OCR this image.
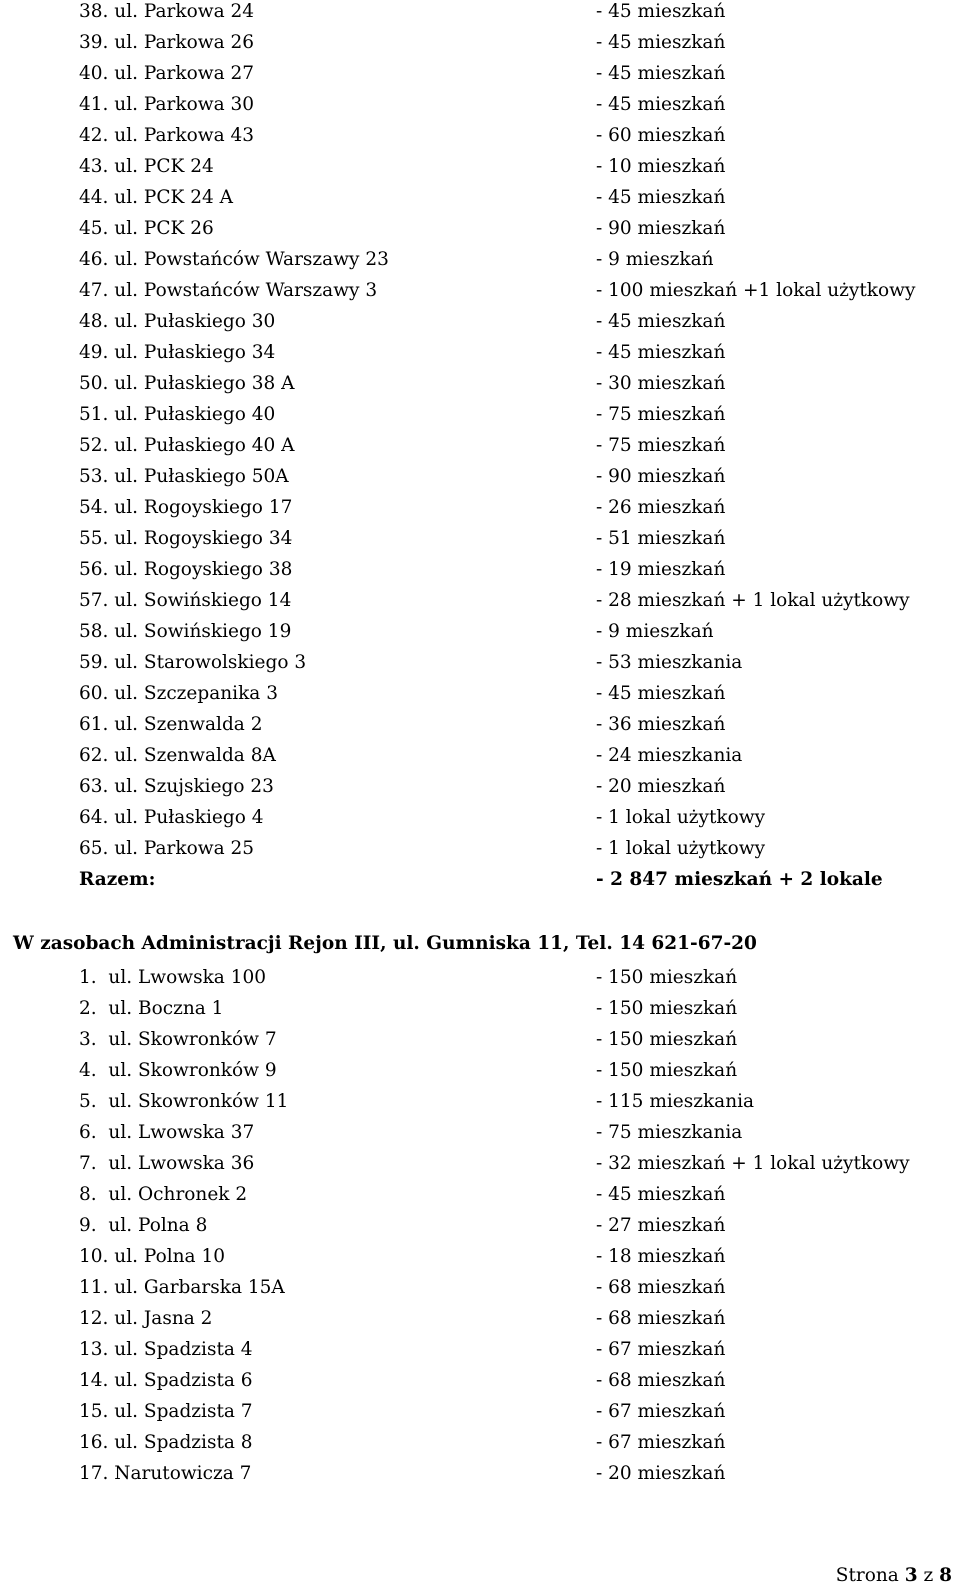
38. ul. Parkowa 24	- 45 mieszkań
39. ul. Parkowa 26	- 45 mieszkań
40. ul. Parkowa 27	- 45 mieszkań
41. ul. Parkowa 30	- 45 mieszkań
42. ul. Parkowa 43	- 60 mieszkań
43. ul. PCK 24	- 10 mieszkań
44. ul. PCK 24 A	- 45 mieszkań
45. ul. PCK 26	- 90 mieszkań
46. ul. Powstańców Warszawy 23	- 9 mieszkań
47. ul. Powstańców Warszawy 3	- 100 mieszkań +1 lokal użytkowy
48. ul. Pułaskiego 30	- 45 mieszkań
49. ul. Pułaskiego 34	- 45 mieszkań
50. ul. Pułaskiego 38 A	- 30 mieszkań
51. ul. Pułaskiego 40	- 75 mieszkań
52. ul. Pułaskiego 40 A	- 75 mieszkań
53. ul. Pułaskiego 50A	- 90 mieszkań
54. ul. Rogoyskiego 17	- 26 mieszkań
55. ul. Rogoyskiego 34	- 51 mieszkań
56. ul. Rogoyskiego 38	- 19 mieszkań
57. ul. Sowińskiego 14	- 28 mieszkań + 1 lokal użytkowy
58. ul. Sowińskiego 19	- 9 mieszkań
59. ul. Starowolskiego 3	- 53 mieszkania
60. ul. Szczepanika 3	- 45 mieszkań
61. ul. Szenwalda 2	- 36 mieszkań
62. ul. Szenwalda 8A	- 24 mieszkania
63. ul. Szujskiego 23	- 20 mieszkań
64. ul. Pułaskiego 4	- 1 lokal użytkowy
65. ul. Parkowa 25	- 1 lokal użytkowy
Razem:	- 2 847 mieszkań + 2 lokale
W zasobach Administracji Rejon III, ul. Gumniska 11, Tel. 14 621-67-20
1.  ul. Lwowska 100	- 150 mieszkań
2.  ul. Boczna 1	- 150 mieszkań
3.  ul. Skowronków 7	- 150 mieszkań
4.  ul. Skowronków 9	- 150 mieszkań
5.  ul. Skowronków 11	- 115 mieszkania
6.  ul. Lwowska 37	- 75 mieszkania
7.  ul. Lwowska 36	- 32 mieszkań + 1 lokal użytkowy
8.  ul. Ochronek 2	- 45 mieszkań
9.  ul. Polna 8	- 27 mieszkań
10. ul. Polna 10	- 18 mieszkań
11. ul. Garbarska 15A	- 68 mieszkań
12. ul. Jasna 2	- 68 mieszkań
13. ul. Spadzista 4	- 67 mieszkań
14. ul. Spadzista 6	- 68 mieszkań
15. ul. Spadzista 7	- 67 mieszkań
16. ul. Spadzista 8	- 67 mieszkań
17. Narutowicza 7	- 20 mieszkań
Strona 3 z 8
